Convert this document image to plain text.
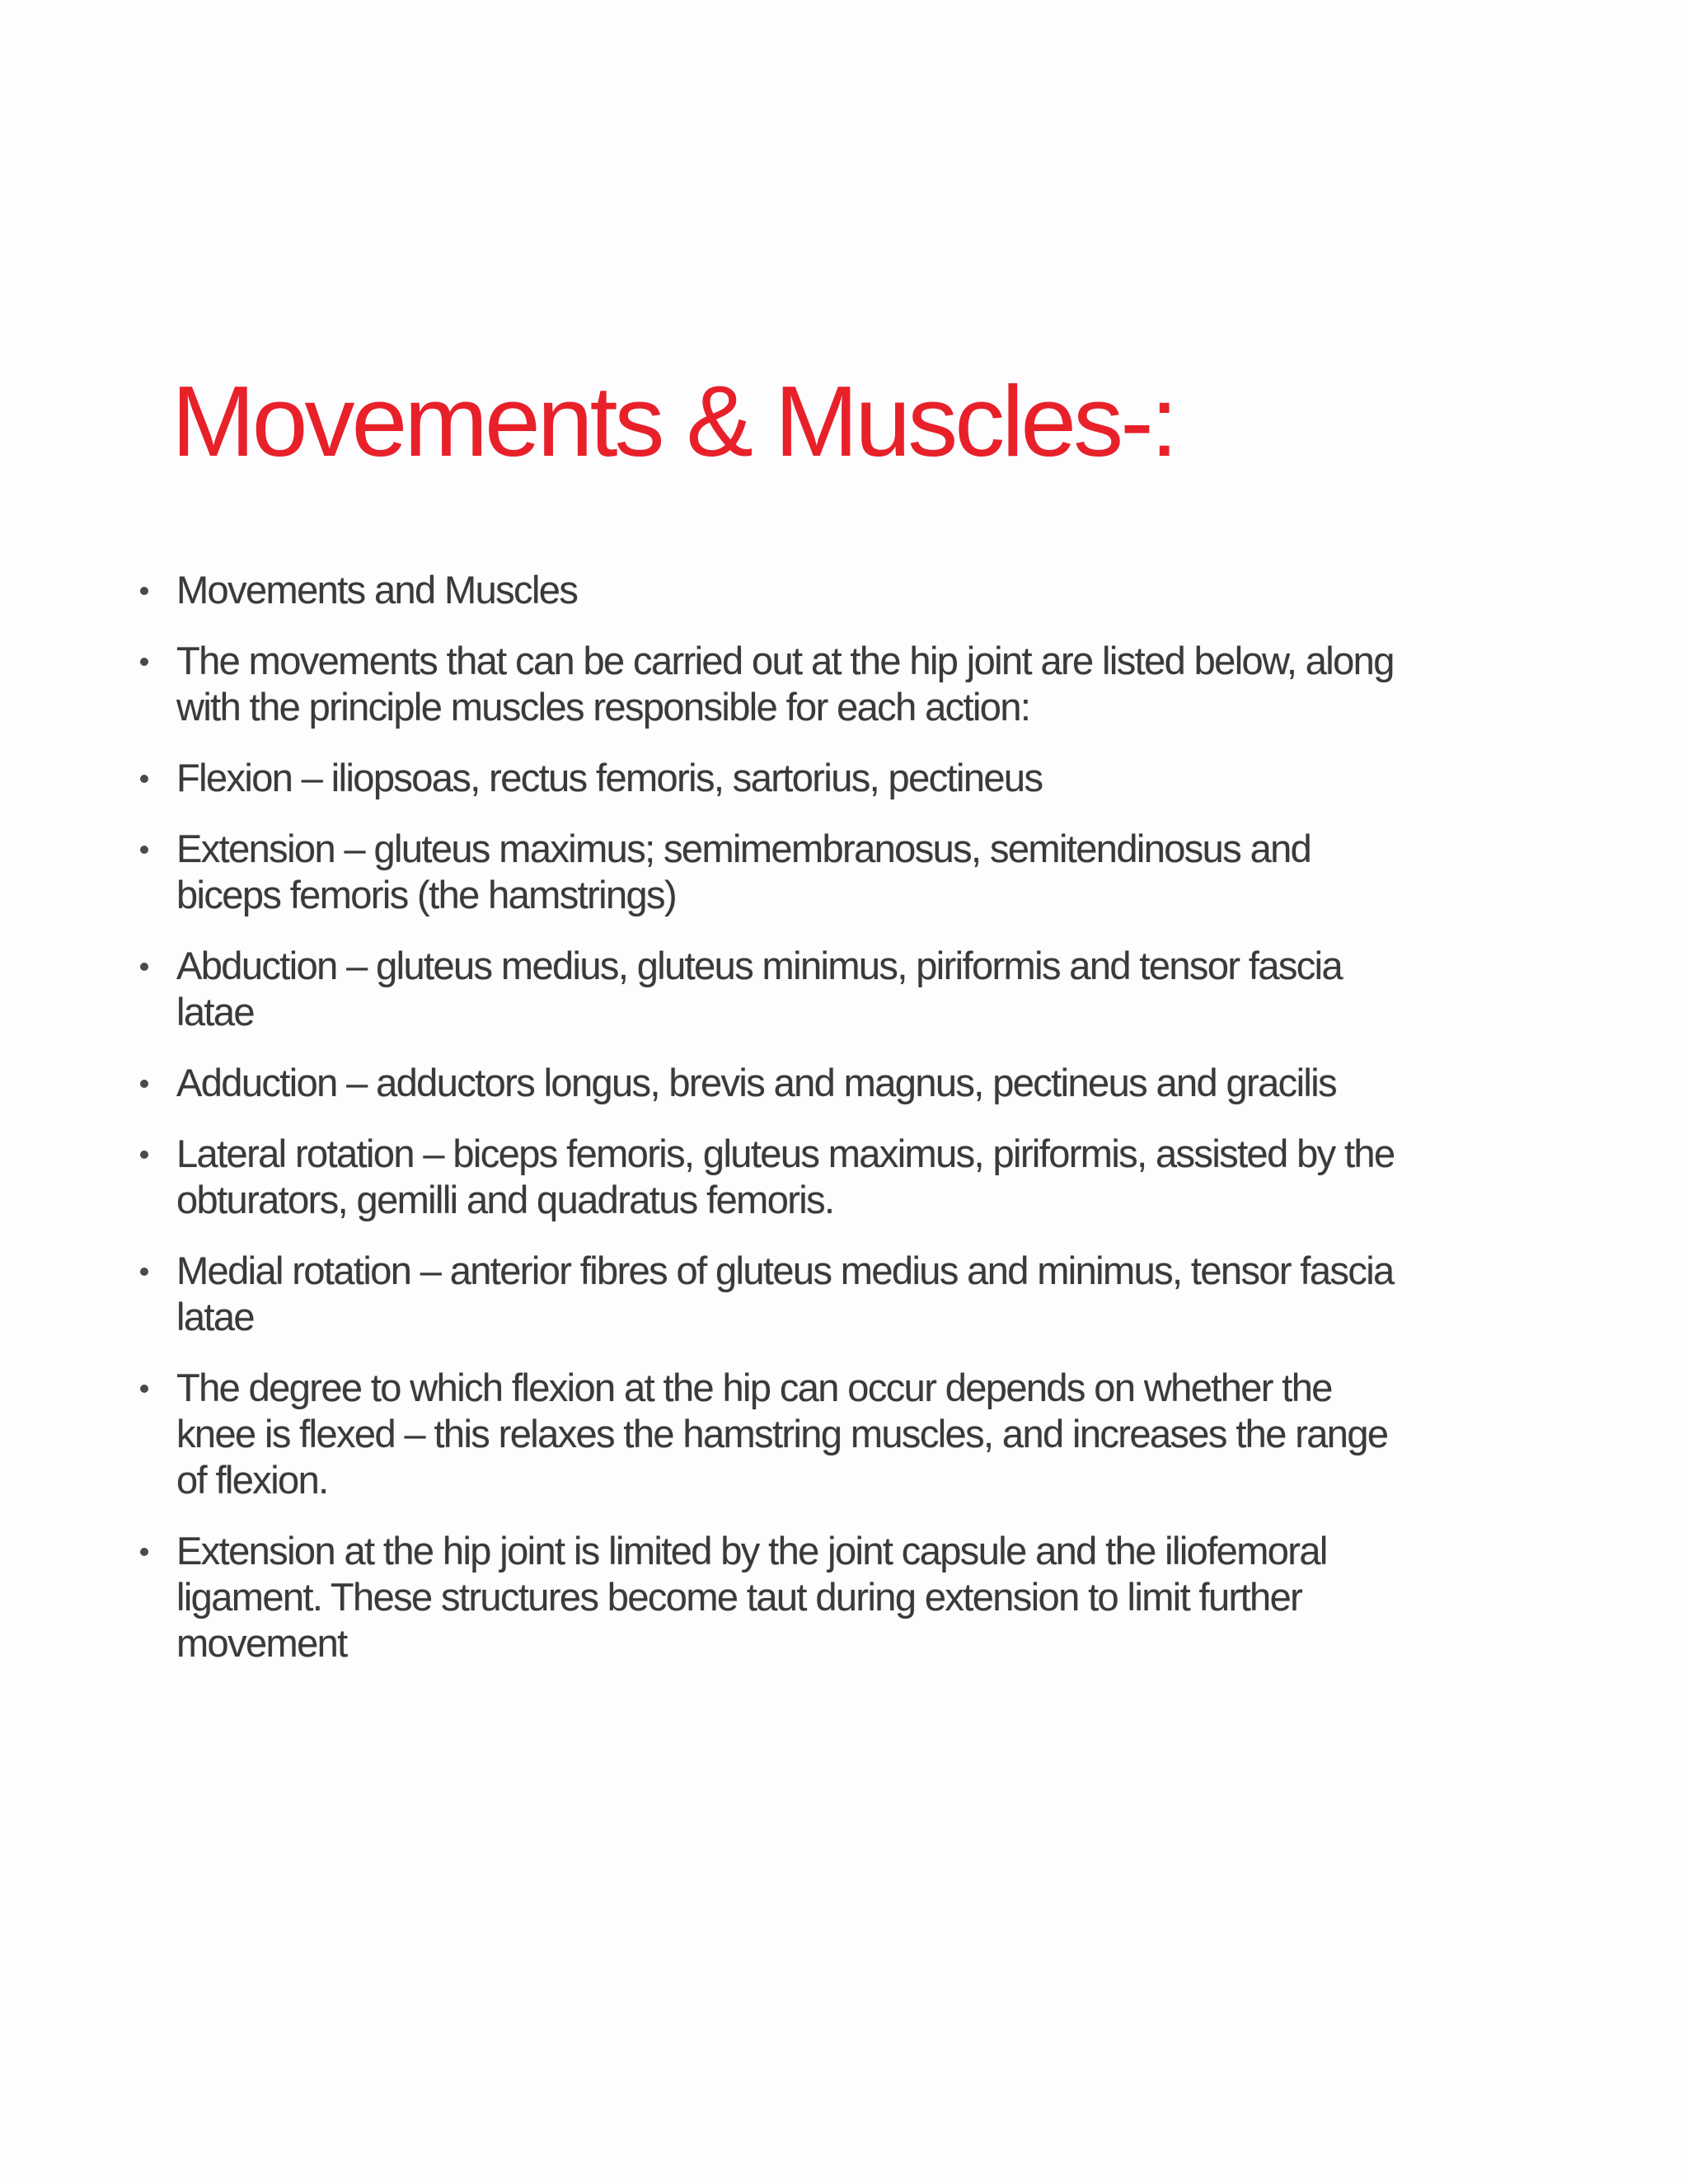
Movements & Muscles-:
Movements and Muscles
The movements that can be carried out at the hip joint are listed below, along with the principle muscles responsible for each action:
Flexion – iliopsoas, rectus femoris, sartorius, pectineus
Extension – gluteus maximus; semimembranosus, semitendinosus and biceps femoris (the hamstrings)
Abduction – gluteus medius, gluteus minimus, piriformis and tensor fascia latae
Adduction – adductors longus, brevis and magnus, pectineus and gracilis
Lateral rotation – biceps femoris, gluteus maximus, piriformis, assisted by the obturators, gemilli and quadratus femoris.
Medial rotation – anterior fibres of gluteus medius and minimus, tensor fascia latae
The degree to which flexion at the hip can occur depends on whether the knee is flexed – this relaxes the hamstring muscles, and increases the range of flexion.
Extension at the hip joint is limited by the joint capsule and the iliofemoral ligament. These structures become taut during extension to limit further movement
